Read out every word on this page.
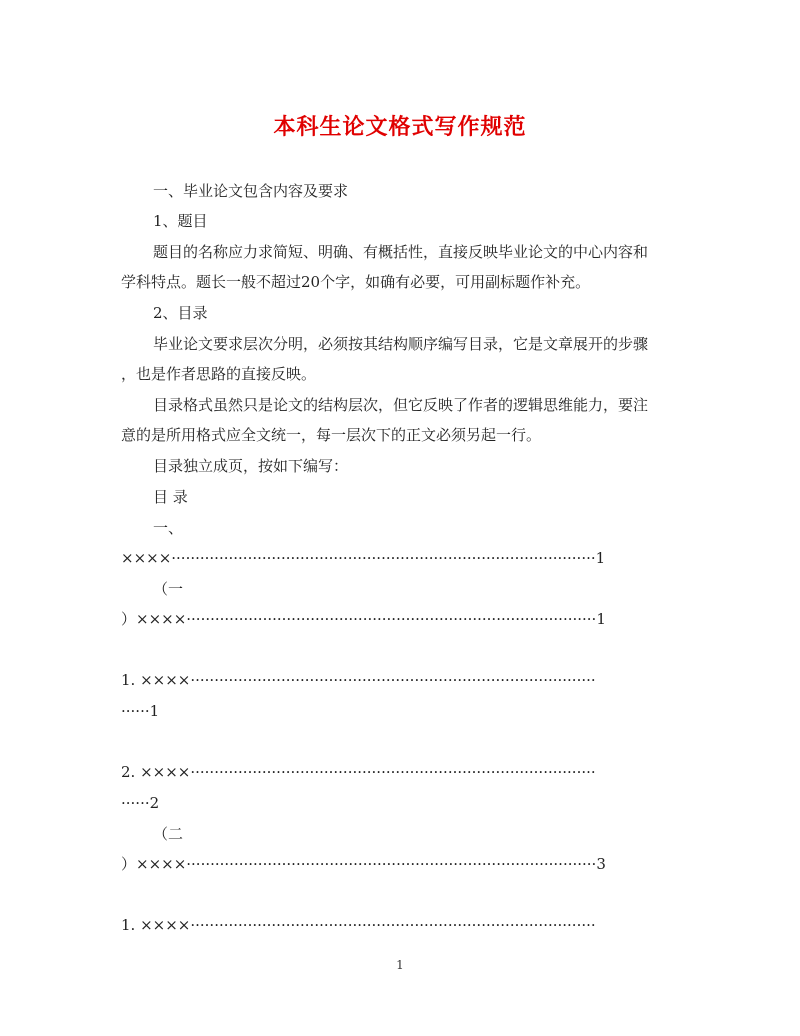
本科生论文格式写作规范
一、毕业论文包含内容及要求
1、题目
题目的名称应力求简短、明确、有概括性，直接反映毕业论文的中心内容和
学科特点。题长一般不超过20个字，如确有必要，可用副标题作补充。
2、目录
毕业论文要求层次分明，必须按其结构顺序编写目录，它是文章展开的步骤
，也是作者思路的直接反映。
目录格式虽然只是论文的结构层次，但它反映了作者的逻辑思维能力，要注
意的是所用格式应全文统一，每一层次下的正文必须另起一行。
目录独立成页，按如下编写：
目 录
一、
××××·························································································1
（一
）××××······················································································1
1. ××××·····················································································
······1
2. ××××·····················································································
······2
（二
）××××······················································································3
1. ××××·····················································································
1
